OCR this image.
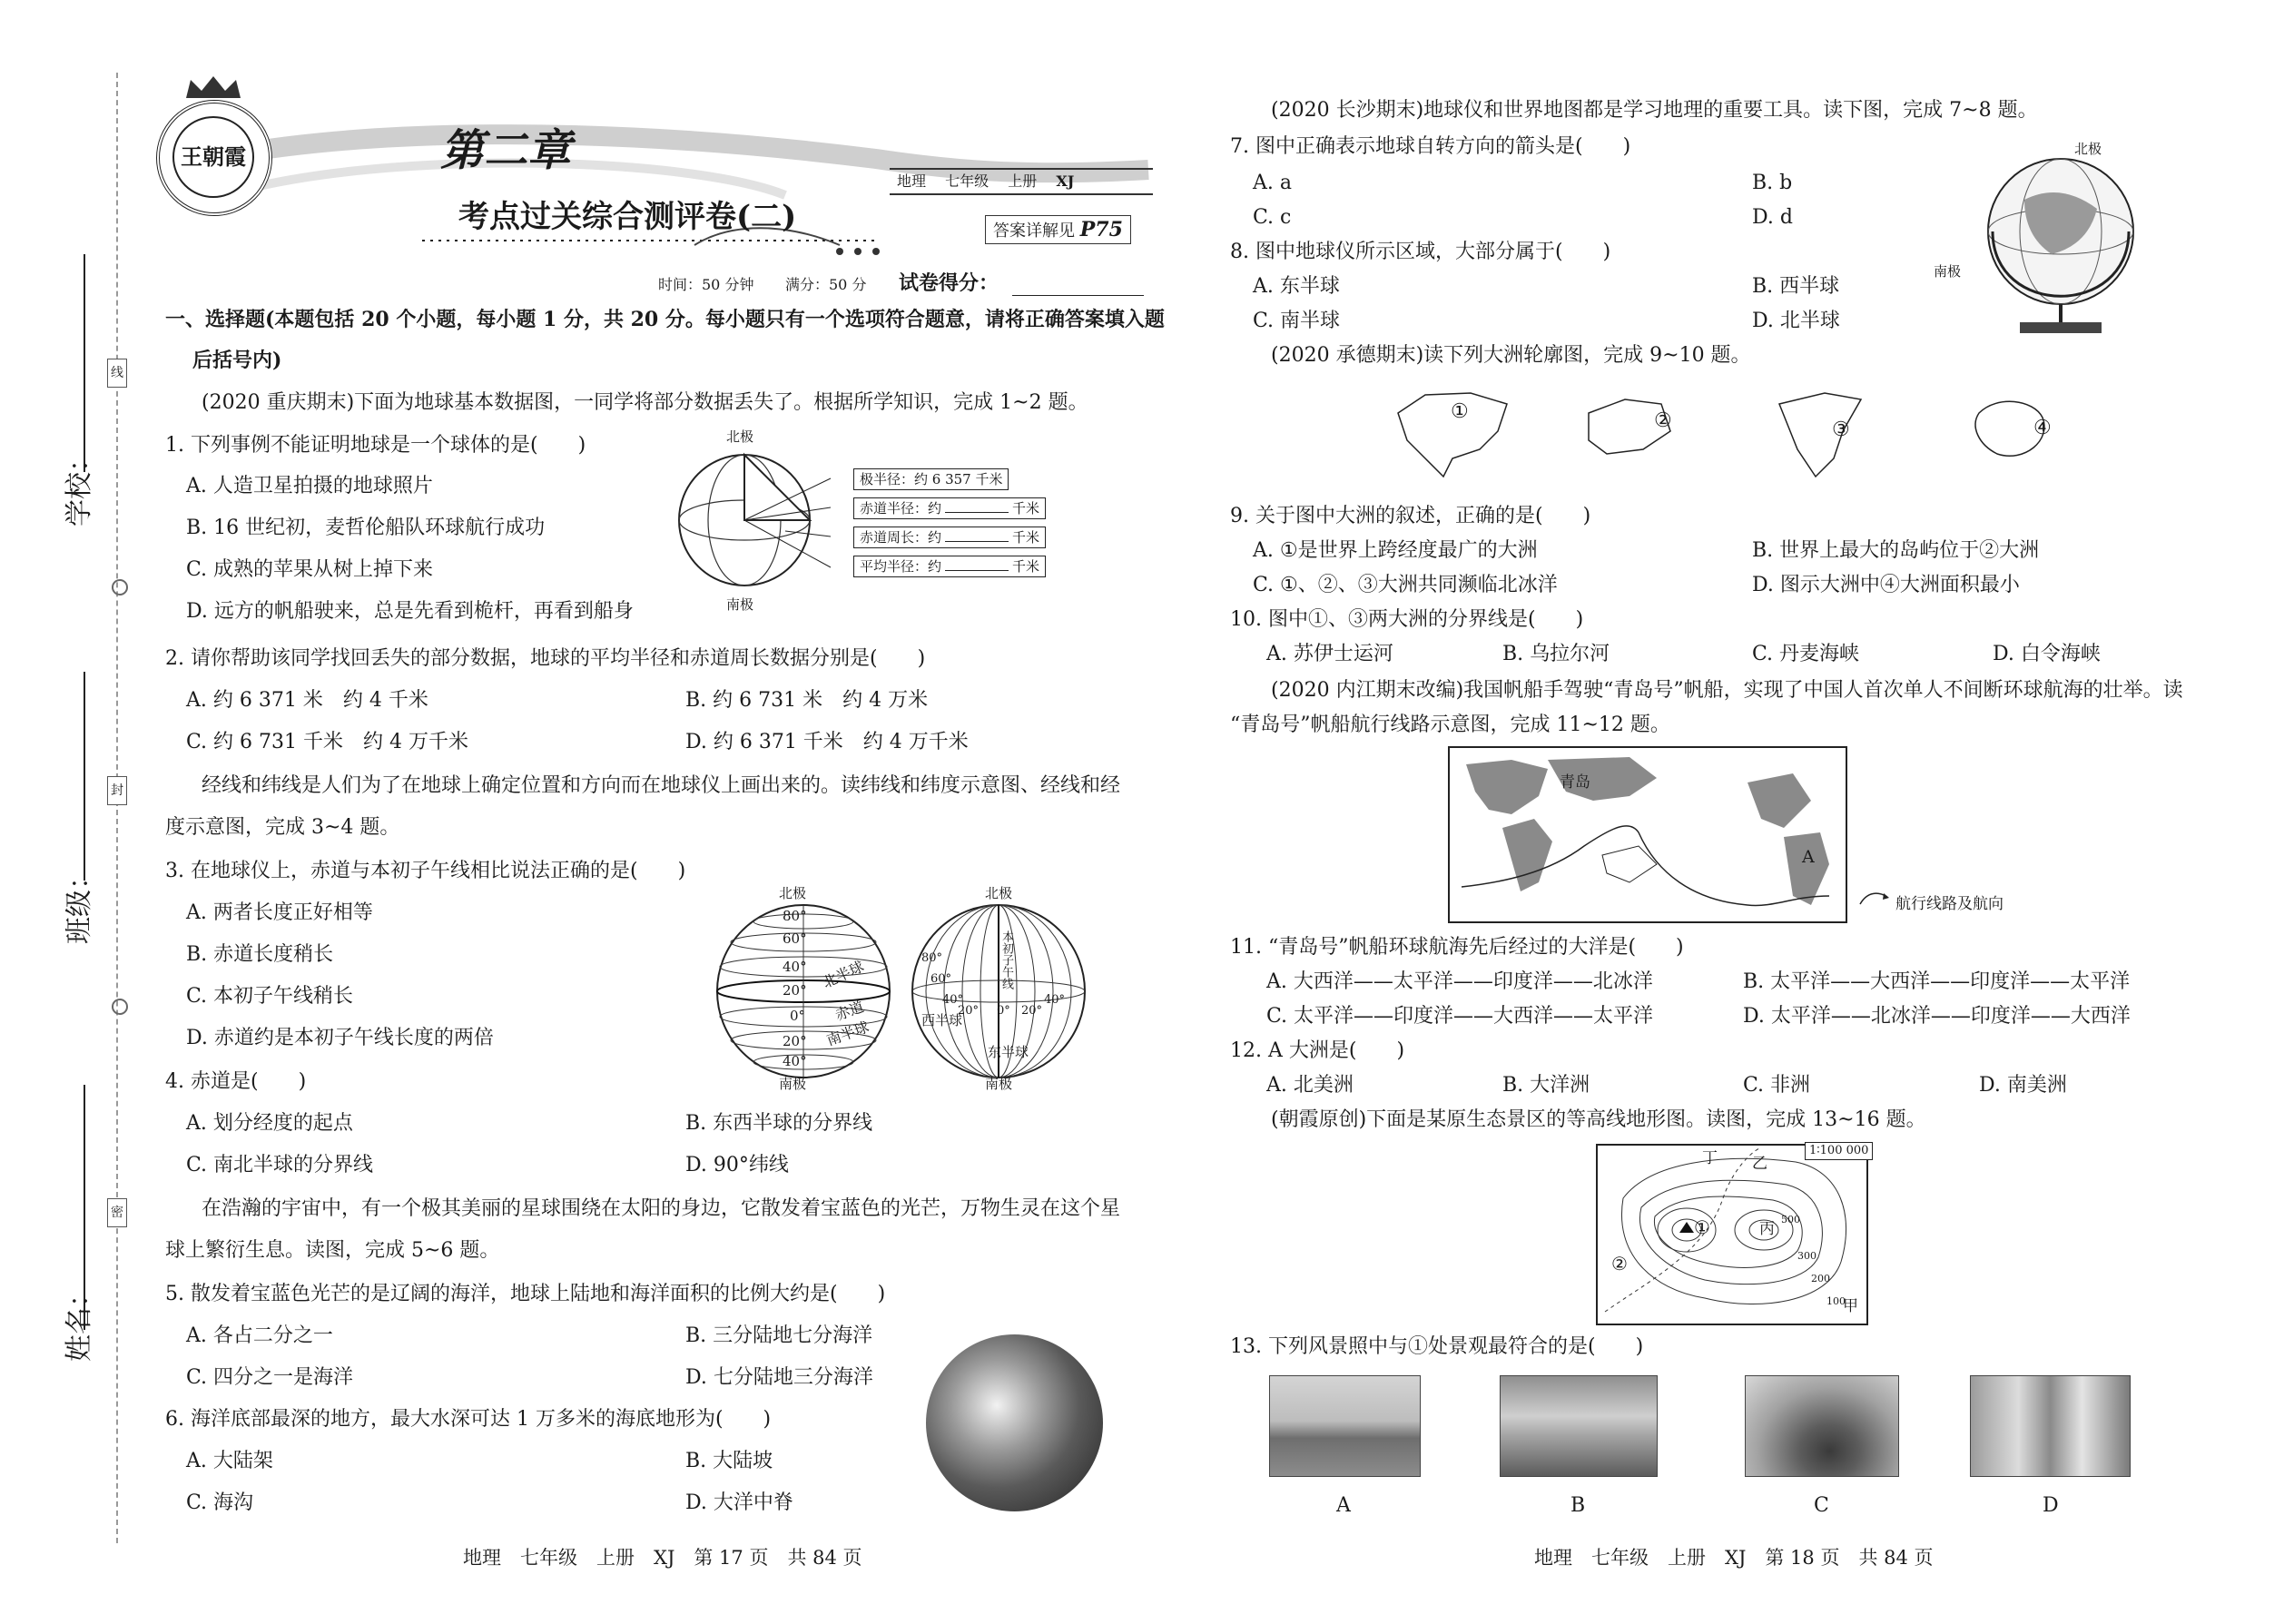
学校：
班级：
姓名：
线
封
密
王朝霞	第二章
考点过关综合测评卷(二)
地理 七年级 上册 XJ
答案详解见 P75
时间：50 分钟 满分：50 分 试卷得分：
一、选择题(本题包括 20 个小题，每小题 1 分，共 20 分。每小题只有一个选项符合题意，请将正确答案填入题
后括号内)
(2020 重庆期末)下面为地球基本数据图，一同学将部分数据丢失了。根据所学知识，完成 1~2 题。
1. 下列事例不能证明地球是一个球体的是(　　)
A. 人造卫星拍摄的地球照片
B. 16 世纪初，麦哲伦船队环球航行成功
C. 成熟的苹果从树上掉下来
D. 远方的帆船驶来，总是先看到桅杆，再看到船身
北极
南极
极半径：约 6 357 千米
赤道半径：约	千米
赤道周长：约	千米
平均半径：约	千米
2. 请你帮助该同学找回丢失的部分数据，地球的平均半径和赤道周长数据分别是(　　)
A. 约 6 371 米　约 4 千米	B. 约 6 731 米　约 4 万米
C. 约 6 731 千米　约 4 万千米	D. 约 6 371 千米　约 4 万千米
经线和纬线是人们为了在地球上确定位置和方向而在地球仪上画出来的。读纬线和纬度示意图、经线和经
度示意图，完成 3~4 题。
3. 在地球仪上，赤道与本初子午线相比说法正确的是(　　)
A. 两者长度正好相等
B. 赤道长度稍长
C. 本初子午线稍长
D. 赤道约是本初子午线长度的两倍
北极	北极
南极	南极
80°
60°
40°
20°
0°
20°
40°
北半球
赤道
南半球	西半球
东半球
本初子午线
80°
60°
40°
20° 0° 20°
40°
4. 赤道是(　　)
A. 划分经度的起点	B. 东西半球的分界线
C. 南北半球的分界线	D. 90°纬线
在浩瀚的宇宙中，有一个极其美丽的星球围绕在太阳的身边，它散发着宝蓝色的光芒，万物生灵在这个星
球上繁衍生息。读图，完成 5~6 题。
5. 散发着宝蓝色光芒的是辽阔的海洋，地球上陆地和海洋面积的比例大约是(　　)
A. 各占二分之一	B. 三分陆地七分海洋
C. 四分之一是海洋	D. 七分陆地三分海洋
6. 海洋底部最深的地方，最大水深可达 1 万多米的海底地形为(　　)
A. 大陆架	B. 大陆坡
C. 海沟	D. 大洋中脊
地理　七年级　上册　XJ　第 17 页　共 84 页
(2020 长沙期末)地球仪和世界地图都是学习地理的重要工具。读下图，完成 7~8 题。
7. 图中正确表示地球自转方向的箭头是(　　)
A. a	B. b
C. c	D. d
8. 图中地球仪所示区域，大部分属于(　　)
A. 东半球	B. 西半球
C. 南半球	D. 北半球
北极
南极
(2020 承德期末)读下列大洲轮廓图，完成 9~10 题。
①	②	③	④
9. 关于图中大洲的叙述，正确的是(　　)
A. ①是世界上跨经度最广的大洲	B. 世界上最大的岛屿位于②大洲
C. ①、②、③大洲共同濒临北冰洋	D. 图示大洲中④大洲面积最小
10. 图中①、③两大洲的分界线是(　　)
A. 苏伊士运河	B. 乌拉尔河	C. 丹麦海峡	D. 白令海峡
(2020 内江期末改编)我国帆船手驾驶“青岛号”帆船，实现了中国人首次单人不间断环球航海的壮举。读
“青岛号”帆船航行线路示意图，完成 11~12 题。
青岛
A
航行线路及航向
11. “青岛号”帆船环球航海先后经过的大洋是(　　)
A. 大西洋——太平洋——印度洋——北冰洋	B. 太平洋——大西洋——印度洋——太平洋
C. 太平洋——印度洋——大西洋——太平洋	D. 太平洋——北冰洋——印度洋——大西洋
12. A 大洲是(　　)
A. 北美洲	B. 大洋洲	C. 非洲	D. 南美洲
(朝霞原创)下面是某原生态景区的等高线地形图。读图，完成 13~16 题。
1∶100 000
①
②
丙
丁 乙
甲
500
300
200
100
13. 下列风景照中与①处景观最符合的是(　　)
A	B	C	D
地理　七年级　上册　XJ　第 18 页　共 84 页
